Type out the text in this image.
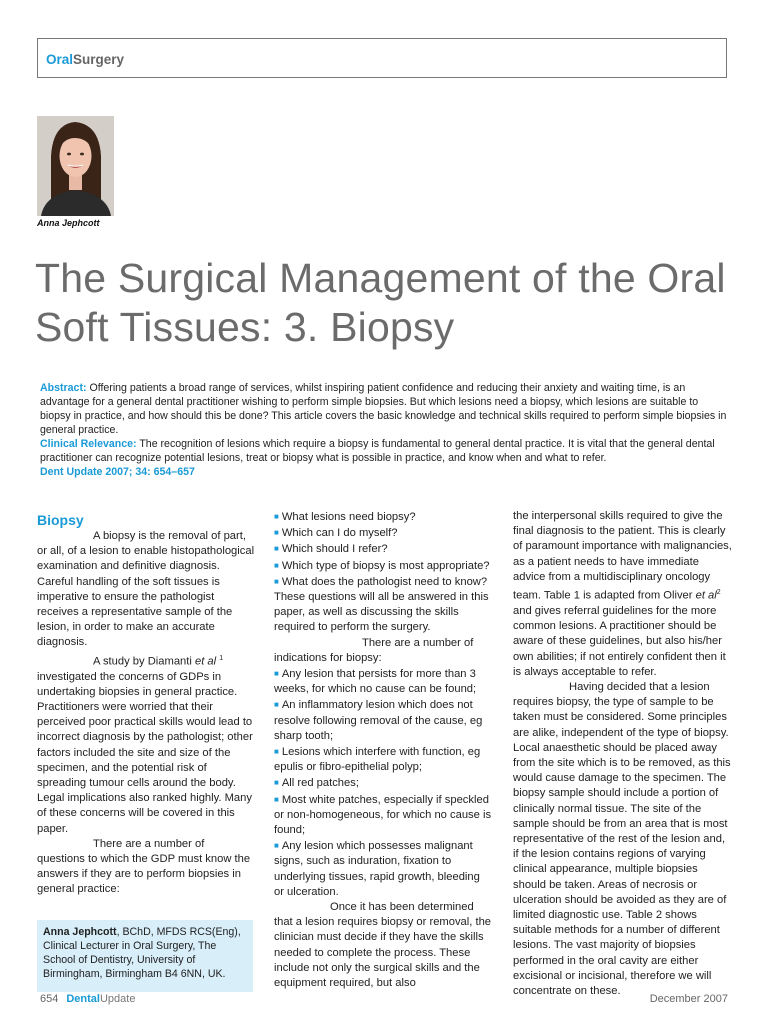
OralSurgery
Anna Jephcott
The Surgical Management of the Oral Soft Tissues: 3. Biopsy

Abstract: Offering patients a broad range of services, whilst inspiring patient confidence and reducing their anxiety and waiting time, is an advantage for a general dental practitioner wishing to perform simple biopsies. But which lesions need a biopsy, which lesions are suitable to biopsy in practice, and how should this be done? This article covers the basic knowledge and technical skills required to perform simple biopsies in general practice.

Clinical Relevance: The recognition of lesions which require a biopsy is fundamental to general dental practice. It is vital that the general dental practitioner can recognize potential lesions, treat or biopsy what is possible in practice, and know when and what to refer.

Dent Update 2007; 34: 654–657

Biopsy

A biopsy is the removal of part, or all, of a lesion to enable histopathological examination and definitive diagnosis. Careful handling of the soft tissues is imperative to ensure the pathologist receives a representative sample of the lesion, in order to make an accurate diagnosis.

A study by Diamanti et al $^1$ investigated the concerns of GDPs in undertaking biopsies in general practice. Practitioners were worried that their perceived poor practical skills would lead to incorrect diagnosis by the pathologist; other factors included the site and size of the specimen, and the potential risk of spreading tumour cells around the body. Legal implications also ranked highly. Many of these concerns will be covered in this paper.

There are a number of questions to which the GDP must know the answers if they are to perform biopsies in general practice:

■ What lesions need biopsy?

■ Which can I do myself?

■ Which should I refer?

■ Which type of biopsy is most appropriate?

■ What does the pathologist need to know?

These questions will all be answered in this paper, as well as discussing the skills required to perform the surgery.

There are a number of indications for biopsy:

■ Any lesion that persists for more than 3 weeks, for which no cause can be found;

■ An inflammatory lesion which does not resolve following removal of the cause, eg sharp tooth;

■ Lesions which interfere with function, eg epulis or fibro-epithelial polyp;

■ All red patches;

■ Most white patches, especially if speckled or non-homogeneous, for which no cause is found;

■ Any lesion which possesses malignant signs, such as induration, fixation to underlying tissues, rapid growth, bleeding or ulceration.

Once it has been determined that a lesion requires biopsy or removal, the clinician must decide if they have the skills needed to complete the process. These include not only the surgical skills and the equipment required, but also

the interpersonal skills required to give the final diagnosis to the patient. This is clearly of paramount importance with malignancies, as a patient needs to have immediate advice from a multidisciplinary oncology team. Table 1 is adapted from Oliver et $al^2$ and gives referral guidelines for the more common lesions. A practitioner should be aware of these guidelines, but also his/her own abilities; if not entirely confident then it is always acceptable to refer.

Having decided that a lesion requires biopsy, the type of sample to be taken must be considered. Some principles are alike, independent of the type of biopsy. Local anaesthetic should be placed away from the site which is to be removed, as this would cause damage to the specimen. The biopsy sample should include a portion of clinically normal tissue. The site of the sample should be from an area that is most representative of the rest of the lesion and, if the lesion contains regions of varying clinical appearance, multiple biopsies should be taken. Areas of necrosis or ulceration should be avoided as they are of limited diagnostic use. Table 2 shows suitable methods for a number of different lesions. The vast majority of biopsies performed in the oral cavity are either excisional or incisional, therefore we will concentrate on these.

Anna Jephcott, BChD, MFDS RCS(Eng), Clinical Lecturer in Oral Surgery, The School of Dentistry, University of Birmingham, Birmingham B4 6NN, UK.
654 DentalUpdate	December 2007
